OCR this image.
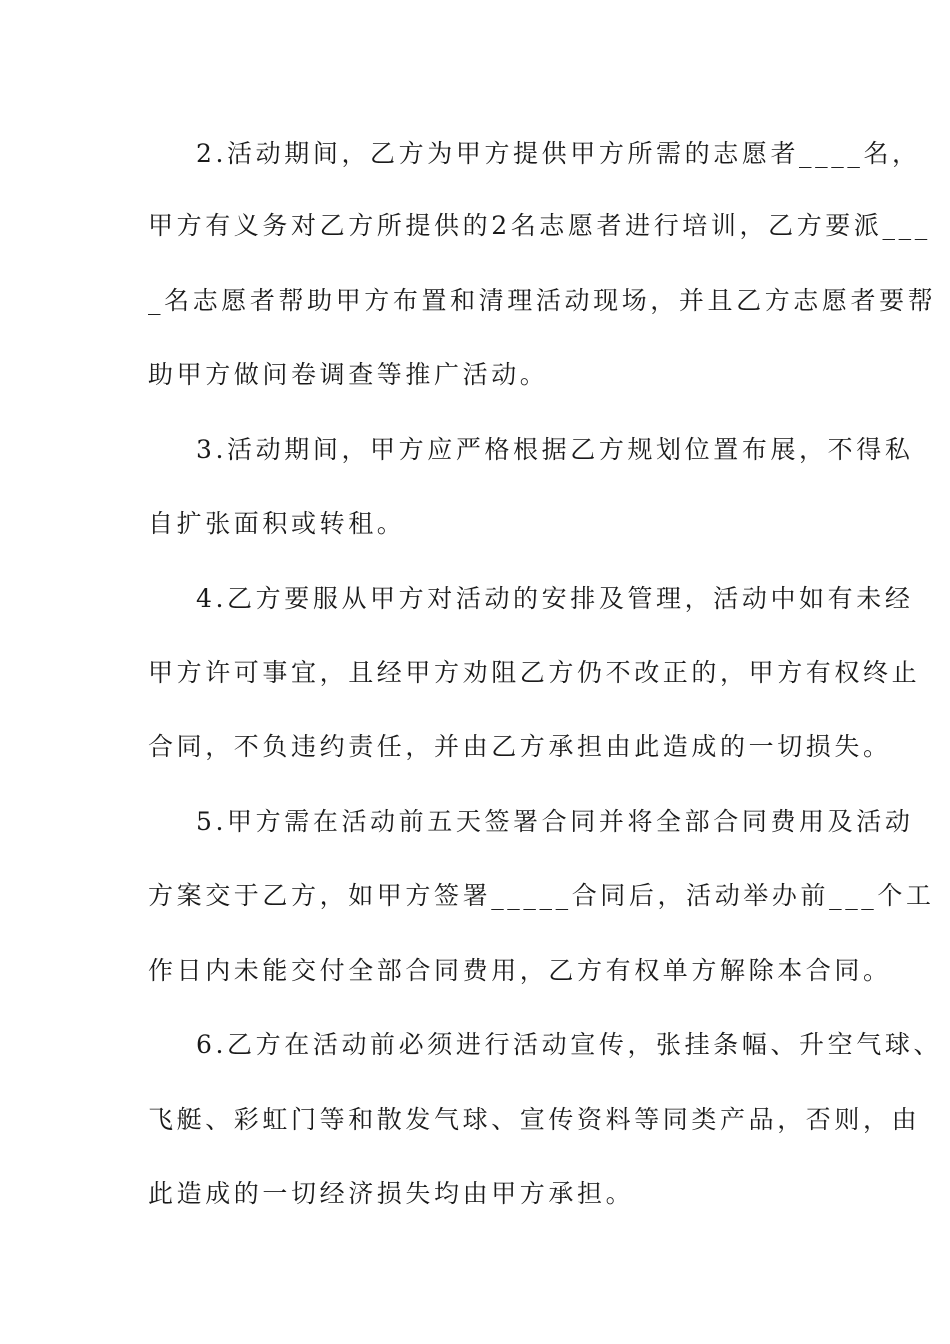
2.活动期间，乙方为甲方提供甲方所需的志愿者____名，
甲方有义务对乙方所提供的2名志愿者进行培训，乙方要派___
_名志愿者帮助甲方布置和清理活动现场，并且乙方志愿者要帮
助甲方做问卷调查等推广活动。
3.活动期间，甲方应严格根据乙方规划位置布展，不得私
自扩张面积或转租。
4.乙方要服从甲方对活动的安排及管理，活动中如有未经
甲方许可事宜，且经甲方劝阻乙方仍不改正的，甲方有权终止
合同，不负违约责任，并由乙方承担由此造成的一切损失。
5.甲方需在活动前五天签署合同并将全部合同费用及活动
方案交于乙方，如甲方签署_____合同后，活动举办前___个工
作日内未能交付全部合同费用，乙方有权单方解除本合同。
6.乙方在活动前必须进行活动宣传，张挂条幅、升空气球、
飞艇、彩虹门等和散发气球、宣传资料等同类产品，否则，由
此造成的一切经济损失均由甲方承担。
